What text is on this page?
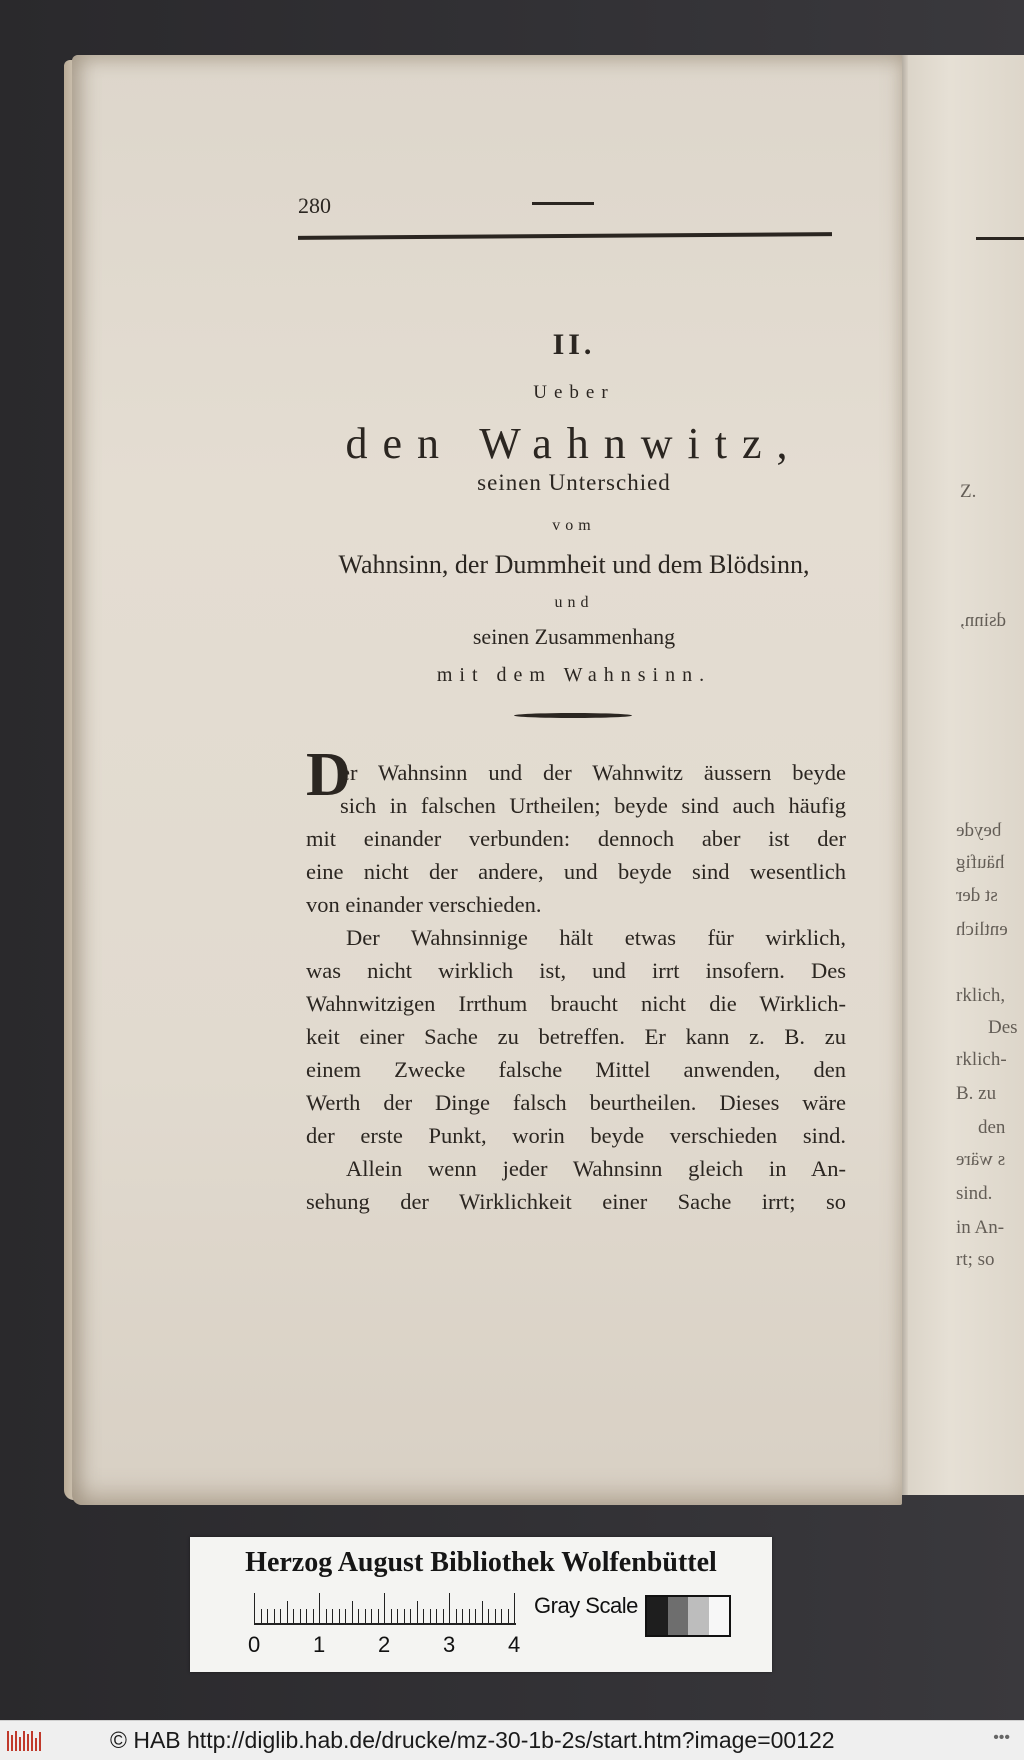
Z.
dsinn,
beyde
häufig
st der
entlich
rklich,
Des
rklich-
B. zu
den
s wäre
sind.
in An-
rt; so
280
II.
Ueber
den Wahnwitz,
seinen Unterschied
vom
Wahnsinn, der Dummheit und dem Blödsinn,
und
seinen Zusammenhang
mit dem Wahnsinn.
D
er Wahnsinn und der Wahnwitz äussern beyde
sich in falschen Urtheilen; beyde sind auch häufig
mit einander verbunden: dennoch aber ist der
eine nicht der andere, und beyde sind wesentlich
von einander verschieden.
Der Wahnsinnige hält etwas für wirklich,
was nicht wirklich ist, und irrt insofern. Des
Wahnwitzigen Irrthum braucht nicht die Wirklich-
keit einer Sache zu betreffen. Er kann z. B. zu
einem Zwecke falsche Mittel anwenden, den
Werth der Dinge falsch beurtheilen. Dieses wäre
der erste Punkt, worin beyde verschieden sind.
Allein wenn jeder Wahnsinn gleich in An-
sehung der Wirklichkeit einer Sache irrt; so
Herzog August Bibliothek Wolfenbüttel
0 1 2 3 4
Gray Scale
© HAB http://diglib.hab.de/drucke/mz-30-1b-2s/start.htm?image=00122	•••
